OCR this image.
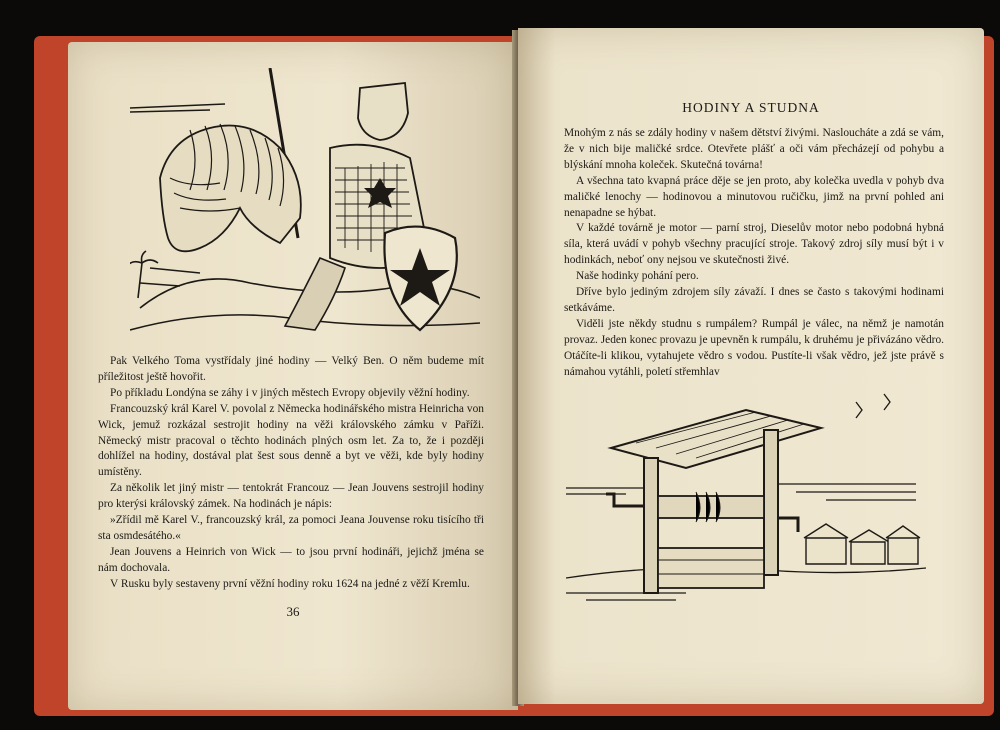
Pak Velkého Toma vystřídaly jiné hodiny — Velký Ben. O něm budeme mít příležitost ještě hovořit.

Po příkladu Londýna se záhy i v jiných městech Evropy objevily věžní hodiny.

Francouzský král Karel V. povolal z Německa hodinářského mistra Heinricha von Wick, jemuž rozkázal sestrojit hodiny na věži královského zámku v Paříži. Německý mistr pracoval o těchto hodinách plných osm let. Za to, že i později dohlížel na hodiny, dostával plat šest sous denně a byt ve věži, kde byly hodiny umístěny.

Za několik let jiný mistr — tentokrát Francouz — Jean Jouvens sestrojil hodiny pro kterýsi královský zámek. Na hodinách je nápis:

»Zřídil mě Karel V., francouzský král, za pomoci Jeana Jouvense roku tisícího tři sta osmdesátého.«

Jean Jouvens a Heinrich von Wick — to jsou první hodináři, jejichž jména se nám dochovala.

V Rusku byly sestaveny první věžní hodiny roku 1624 na jedné z věží Kremlu.

36
HODINY A STUDNA

Mnohým z nás se zdály hodiny v našem dětství živými. Nasloucháte a zdá se vám, že v nich bije maličké srdce. Otevřete plášť a oči vám přecházejí od pohybu a blýskání mnoha koleček. Skutečná továrna!

A všechna tato kvapná práce děje se jen proto, aby kolečka uvedla v pohyb dva maličké lenochy — hodinovou a minutovou ručičku, jimž na první pohled ani nenapadne se hýbat.

V každé továrně je motor — parní stroj, Dieselův motor nebo podobná hybná síla, která uvádí v pohyb všechny pracující stroje. Takový zdroj síly musí být i v hodinkách, neboť ony nejsou ve skutečnosti živé.

Naše hodinky pohání pero.

Dříve bylo jediným zdrojem síly závaží. I dnes se často s takovými hodinami setkáváme.

Viděli jste někdy studnu s rumpálem? Rumpál je válec, na němž je namotán provaz. Jeden konec provazu je upevněn k rumpálu, k druhému je přivázáno vědro. Otáčíte-li klikou, vytahujete vědro s vodou. Pustíte-li však vědro, jež jste právě s námahou vytáhli, poletí střemhlav
